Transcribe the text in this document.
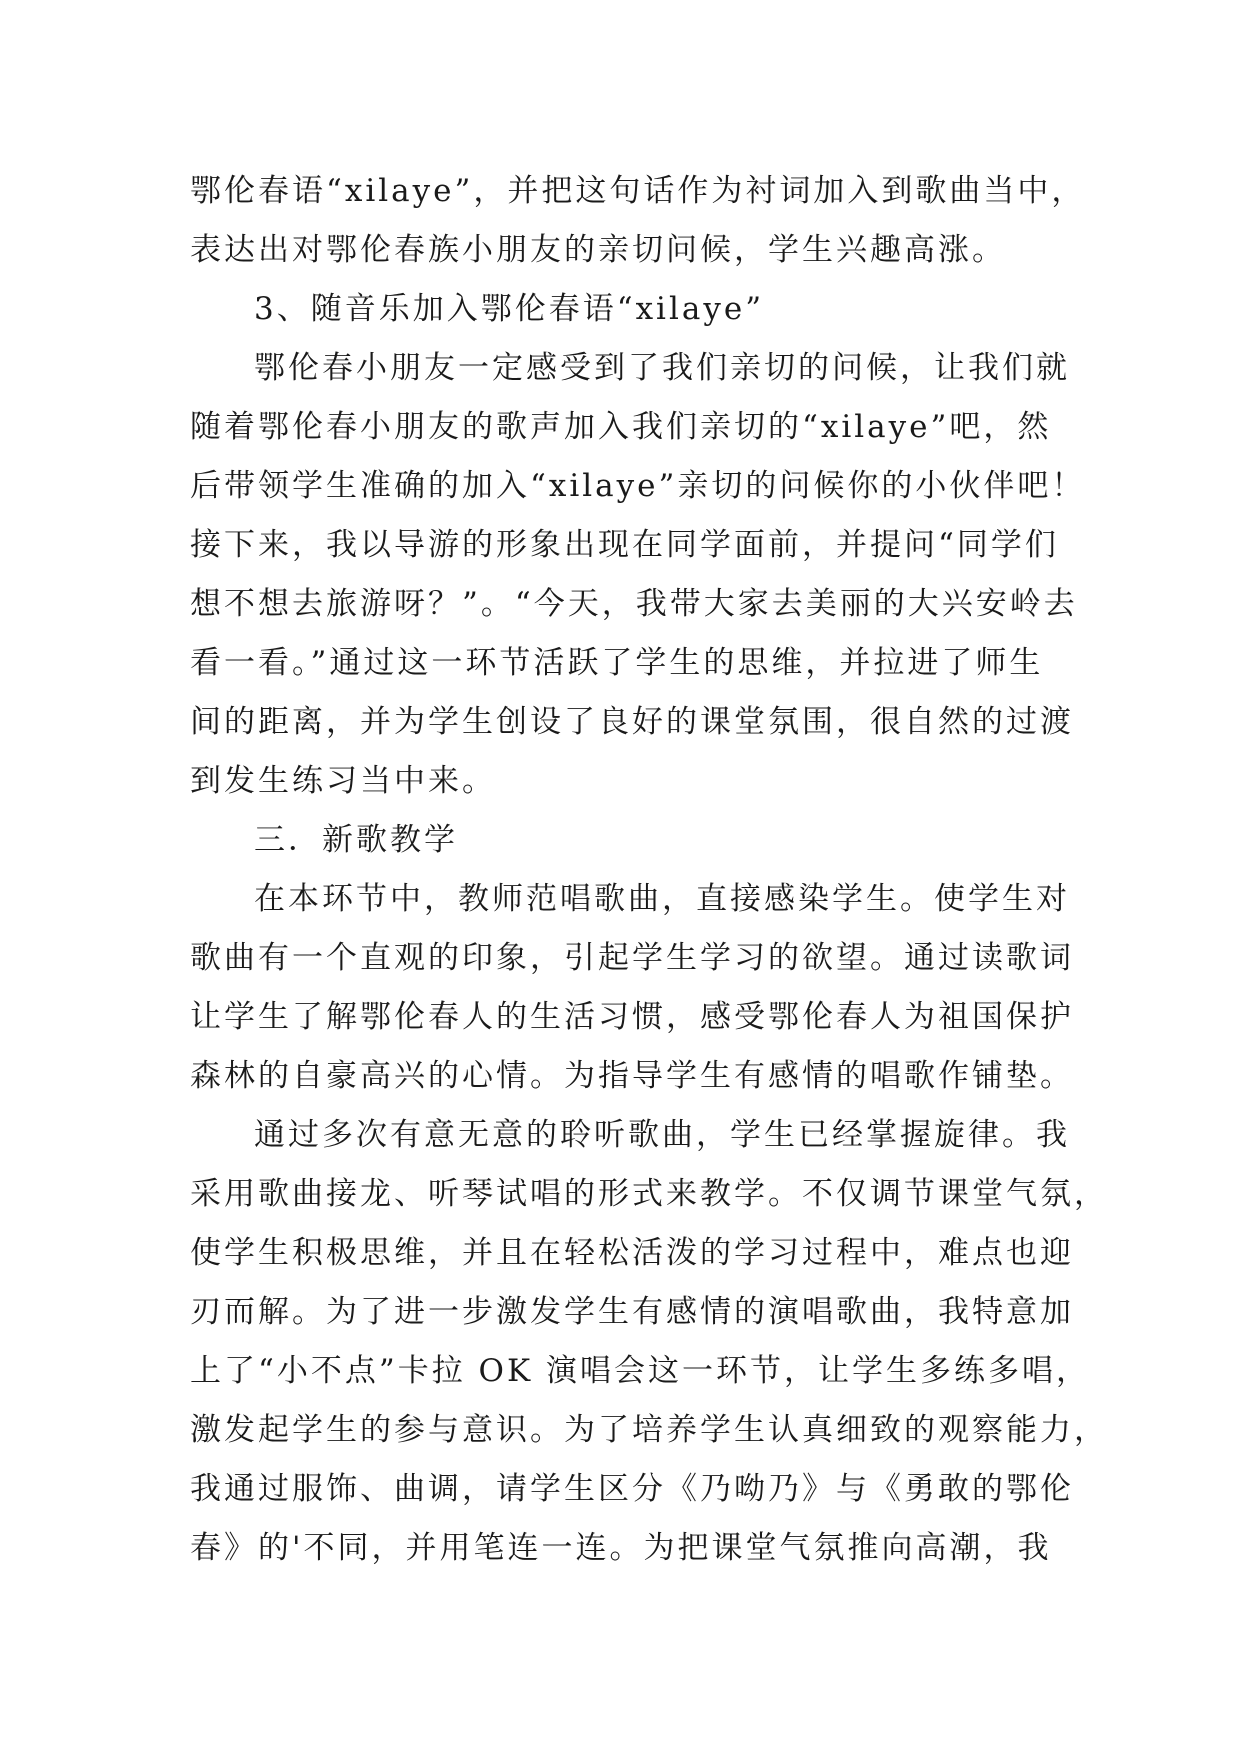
鄂伦春语“xilaye”，并把这句话作为衬词加入到歌曲当中，
表达出对鄂伦春族小朋友的亲切问候，学生兴趣高涨。
3、随音乐加入鄂伦春语“xilaye”
鄂伦春小朋友一定感受到了我们亲切的问候，让我们就
随着鄂伦春小朋友的歌声加入我们亲切的“xilaye”吧，然
后带领学生准确的加入“xilaye”亲切的问候你的小伙伴吧！
接下来，我以导游的形象出现在同学面前，并提问“同学们
想不想去旅游呀？”。“今天，我带大家去美丽的大兴安岭去
看一看。”通过这一环节活跃了学生的思维，并拉进了师生
间的距离，并为学生创设了良好的课堂氛围，很自然的过渡
到发生练习当中来。
三．新歌教学
在本环节中，教师范唱歌曲，直接感染学生。使学生对
歌曲有一个直观的印象，引起学生学习的欲望。通过读歌词
让学生了解鄂伦春人的生活习惯，感受鄂伦春人为祖国保护
森林的自豪高兴的心情。为指导学生有感情的唱歌作铺垫。
通过多次有意无意的聆听歌曲，学生已经掌握旋律。我
采用歌曲接龙、听琴试唱的形式来教学。不仅调节课堂气氛，
使学生积极思维，并且在轻松活泼的学习过程中，难点也迎
刃而解。为了进一步激发学生有感情的演唱歌曲，我特意加
上了“小不点”卡拉 OK 演唱会这一环节，让学生多练多唱，
激发起学生的参与意识。为了培养学生认真细致的观察能力，
我通过服饰、曲调，请学生区分《乃呦乃》与《勇敢的鄂伦
春》的'不同，并用笔连一连。为把课堂气氛推向高潮，我
